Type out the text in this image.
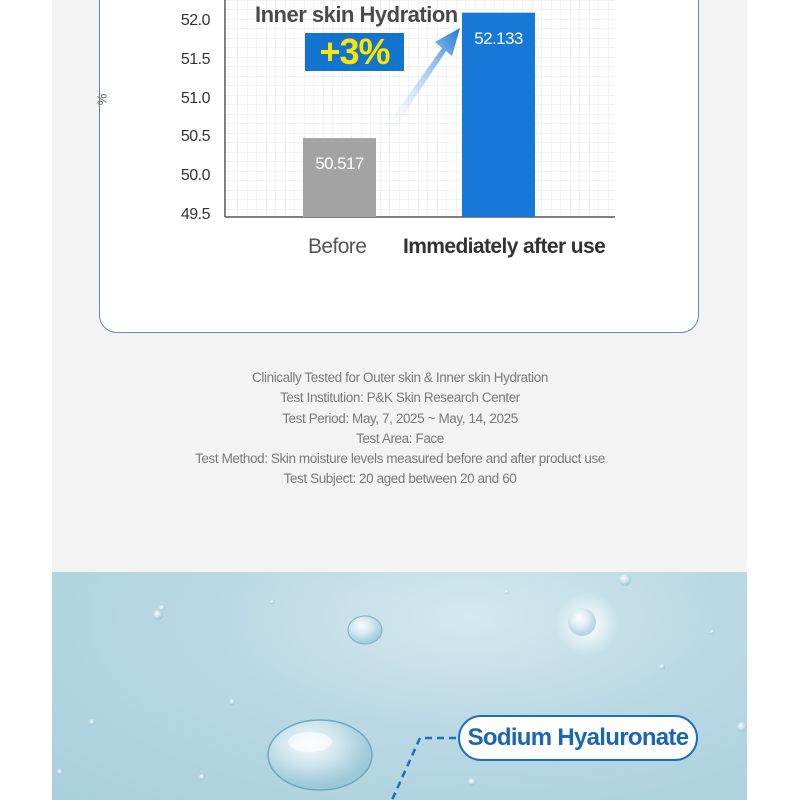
Inner skin Hydration
+3%
%
52.0
51.5
51.0
50.5
50.0
49.5
50.517
52.133
Before Immediately after use
Clinically Tested for Outer skin & Inner skin Hydration
Test Institution: P&K Skin Research Center
Test Period: May, 7, 2025 ~ May, 14, 2025
Test Area: Face
Test Method: Skin moisture levels measured before and after product use
Test Subject: 20 aged between 20 and 60
Sodium Hyaluronate
